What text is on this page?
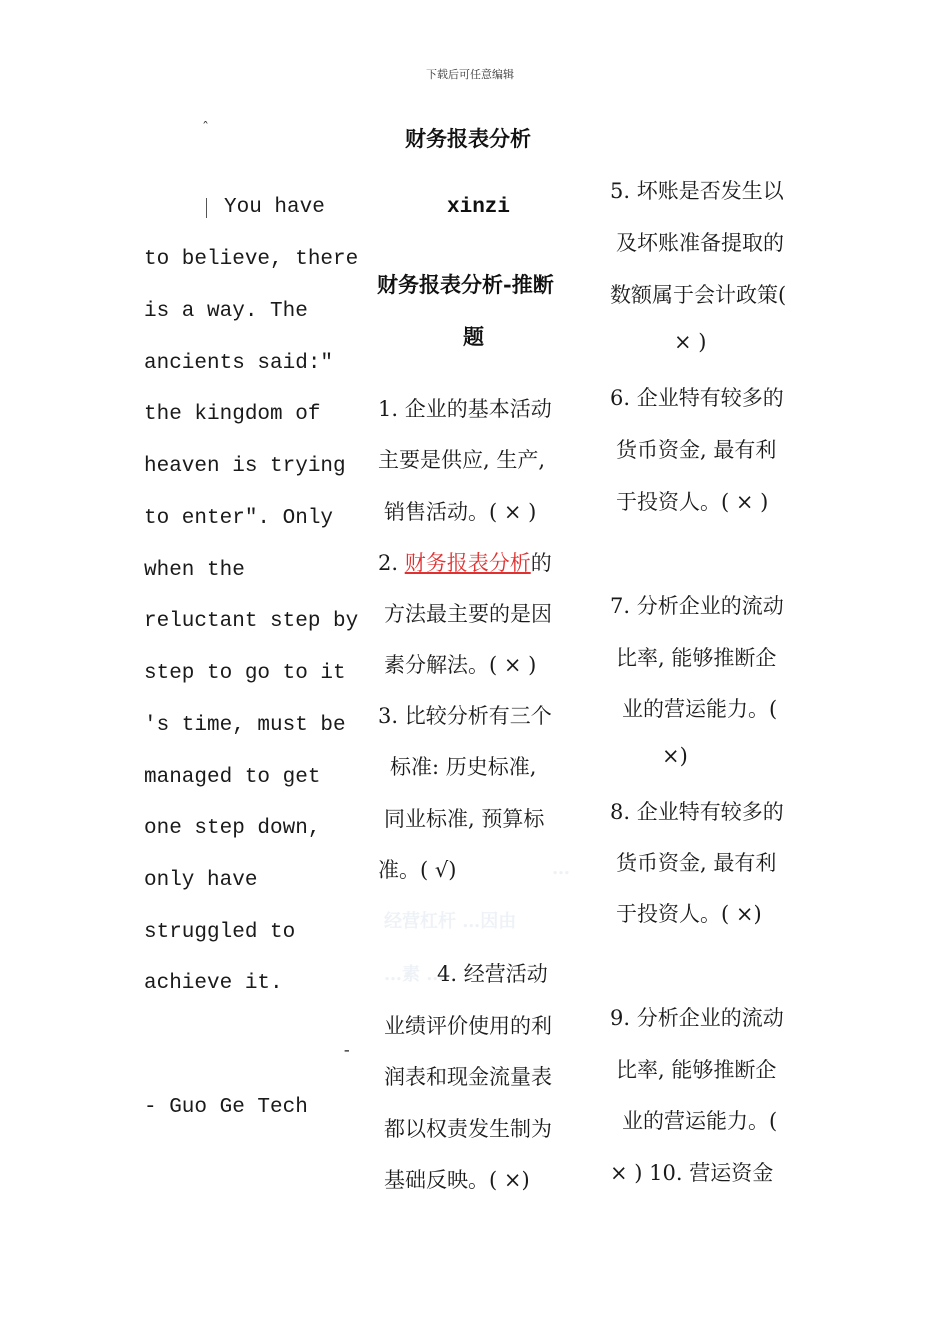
下载后可任意编辑
ˆ
You have
to believe, there
is a way. The
ancients said:"
the kingdom of
heaven is trying
to enter". Only
when the
reluctant step by
step to go to it
's time, must be
managed to get
one step down,
only have
struggled to
achieve it.
-
- Guo Ge Tech
财务报表分析
xinzi
财务报表分析-推断
题
1. 企业的基本活动
主要是供应, 生产,
销售活动。( × )
2. 财务报表分析的
方法最主要的是因
素分解法。( × )
3. 比较分析有三个
标准: 历史标准,
同业标准, 预算标
准。( √)	…
经营杠杆 …因由
…素 …
4. 经营活动
业绩评价使用的利
润表和现金流量表
都以权责发生制为
基础反映。( ×)
5. 坏账是否发生以
及坏账准备提取的
数额属于会计政策(
× )
6. 企业特有较多的
货币资金, 最有利
于投资人。( × )
7. 分析企业的流动
比率, 能够推断企
业的营运能力。(
×)
8. 企业特有较多的
货币资金, 最有利
于投资人。( ×)
9. 分析企业的流动
比率, 能够推断企
业的营运能力。(
× ) 10. 营运资金
